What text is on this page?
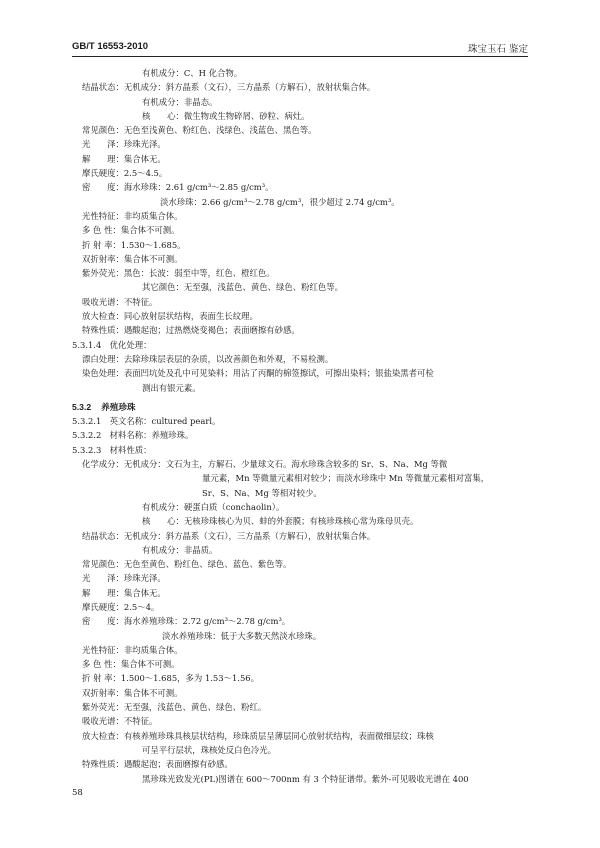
GB/T 16553-2010	珠宝玉石 鉴定
有机成分：C、H 化合物。
结晶状态：无机成分：斜方晶系（文石），三方晶系（方解石），放射状集合体。
有机成分：非晶态。
核　　心：微生物或生物碎屑、砂粒、病灶。
常见颜色：无色至浅黄色、粉红色、浅绿色、浅蓝色、黑色等。
光　　泽：珍珠光泽。
解　　理：集合体无。
摩氏硬度：2.5～4.5。
密　　度：海水珍珠：2.61 g/cm³～2.85 g/cm³。
淡水珍珠：2.66 g/cm³～2.78 g/cm³，很少超过 2.74 g/cm³。
光性特征：非均质集合体。
多 色 性：集合体不可测。
折 射 率：1.530～1.685。
双折射率：集合体不可测。
紫外荧光：黑色：长波：弱至中等，红色、橙红色。
其它颜色：无至强，浅蓝色、黄色、绿色、粉红色等。
吸收光谱：不特征。
放大检查：同心放射层状结构，表面生长纹理。
特殊性质：遇酸起泡；过热燃烧变褐色；表面磨擦有砂感。
5.3.1.4　优化处理：
漂白处理：去除珍珠层表层的杂质，以改善颜色和外观，不易检测。
染色处理：表面凹坑处及孔中可见染料；用沾了丙酮的棉签擦试，可擦出染料；银盐染黑者可检
测出有银元素。
5.3.2 养殖珍珠
5.3.2.1　英文名称：cultured pearl。
5.3.2.2　材料名称：养殖珍珠。
5.3.2.3　材料性质：
化学成分：无机成分：文石为主，方解石、少量球文石。海水珍珠含较多的 Sr、S、Na、Mg 等微
量元素，Mn 等微量元素相对较少；而淡水珍珠中 Mn 等微量元素相对富集，
Sr、S、Na、Mg 等相对较少。
有机成分：硬蛋白质（conchaolin）。
核　　心：无核珍珠核心为贝、蚌的外套膜；有核珍珠核心常为珠母贝壳。
结晶状态：无机成分：斜方晶系（文石），三方晶系（方解石），放射状集合体。
有机成分：非晶质。
常见颜色：无色至黄色、粉红色、绿色、蓝色、紫色等。
光　　泽：珍珠光泽。
解　　理：集合体无。
摩氏硬度：2.5～4。
密　　度：海水养殖珍珠：2.72 g/cm³～2.78 g/cm³。
淡水养殖珍珠：低于大多数天然淡水珍珠。
光性特征：非均质集合体。
多 色 性：集合体不可测。
折 射 率：1.500～1.685，多为 1.53～1.56。
双折射率：集合体不可测。
紫外荧光：无至强，浅蓝色、黄色、绿色、粉红。
吸收光谱：不特征。
放大检查：有核养殖珍珠具核层状结构，珍珠质层呈薄层同心放射状结构，表面微细层纹；珠核
可呈平行层状，珠核处反白色冷光。
特殊性质：遇酸起泡；表面磨擦有砂感。
黑珍珠光致发光(PL)图谱在 600～700nm 有 3 个特征谱带。紫外-可见吸收光谱在 400
58
